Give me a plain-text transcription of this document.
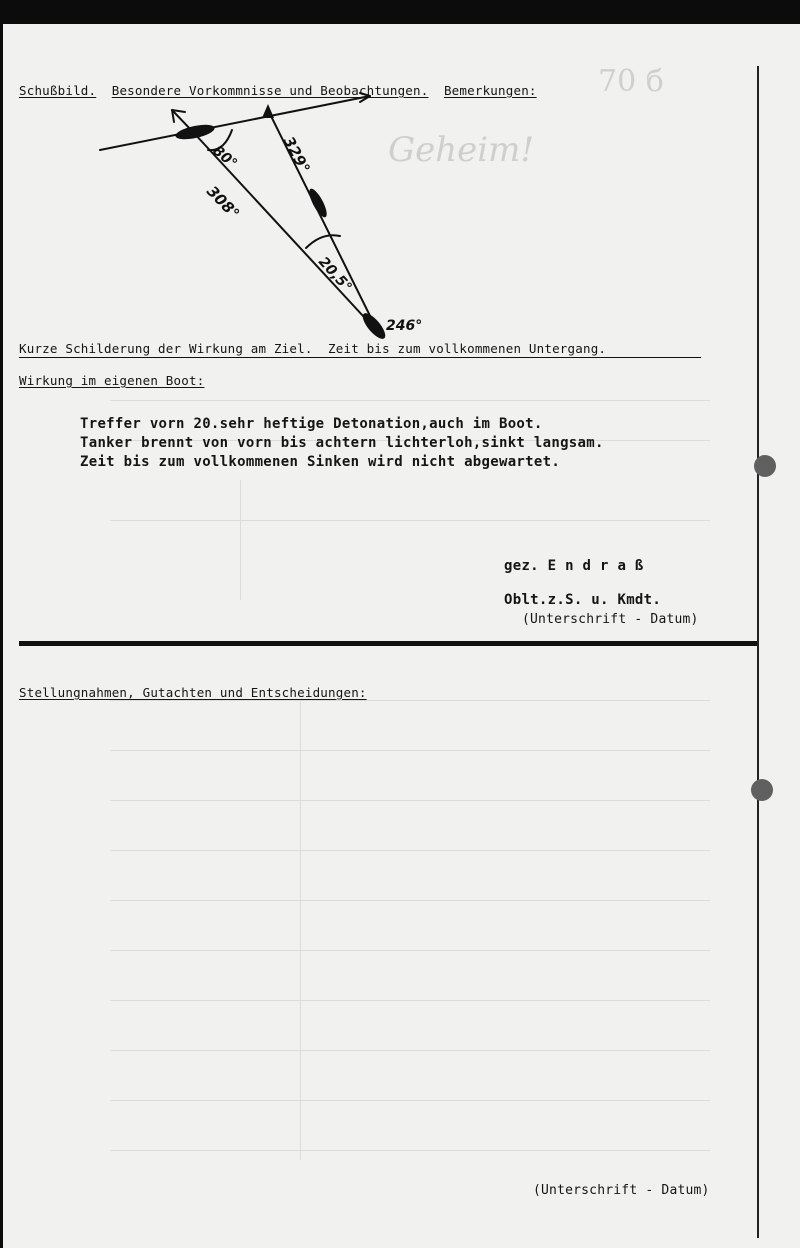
70 б
Geheim!
Schußbild. Besondere Vorkommnisse und Beobachtungen. Bemerkungen:
80°
20,5°
329°
308°
246°
Kurze Schilderung der Wirkung am Ziel. Zeit bis zum vollkommenen Untergang.
Wirkung im eigenen Boot:
Treffer vorn 20.sehr heftige Detonation,auch im Boot.
Tanker brennt von vorn bis achtern lichterloh,sinkt langsam.
Zeit bis zum vollkommenen Sinken wird nicht abgewartet.
gez. E n d r a ß
Oblt.z.S. u. Kmdt.
(Unterschrift - Datum)
Stellungnahmen, Gutachten und Entscheidungen:
(Unterschrift - Datum)
